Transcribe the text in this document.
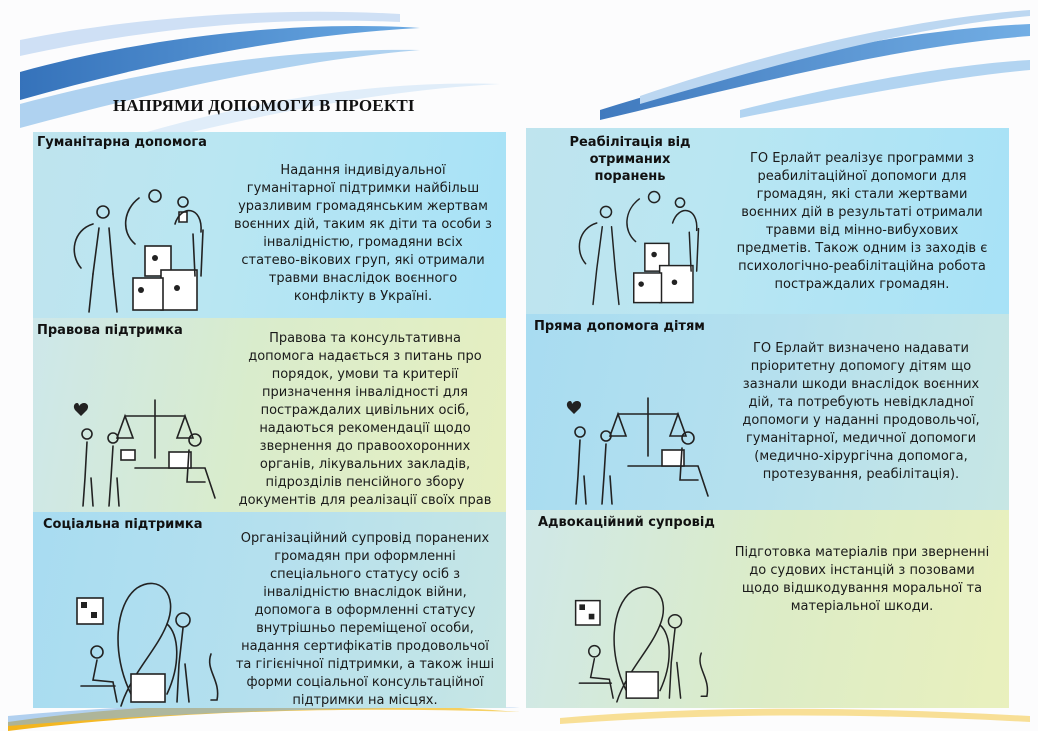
НАПРЯМИ ДОПОМОГИ В ПРОЕКТІ
Гуманітарна допомога
Надання індивідуальної
гуманітарної підтримки найбільш
уразливим громадянським жертвам
воєнних дій, таким як діти та особи з
інвалідністю, громадяни всіх
статево-вікових груп, які отримали
травми внаслідок воєнного
конфлікту в Україні.
Правова підтримка
Правова та консультативна
допомога надається з питань про
порядок, умови та критерії
призначення інвалідності для
постраждалих цивільних осіб,
надаються рекомендації щодо
звернення до правоохоронних
органів, лікувальних закладів,
підрозділів пенсійного збору
документів для реалізації своїх прав
Соціальна підтримка
Організаційний супровід поранених
громадян при оформленні
спеціального статусу осіб з
інвалідністю внаслідок війни,
допомога в оформленні статусу
внутрішньо переміщеної особи,
надання сертифікатів продовольчої
та гігієнічної підтримки, а також інші
форми соціальної консультаційної
підтримки на місцях.
Реабілітація від отриманих
поранень
ГО Ерлайт реалізує программи з
реабилітаційної допомоги для
громадян, які стали жертвами
воєнних дій в результаті отримали
травми від мінно-вибухових
предметів. Також одним із заходів є
психологічно-реабілітаційна робота
постраждалих громадян.
Пряма допомога дітям
ГО Ерлайт визначено надавати
пріоритетну допомогу дітям що
зазнали шкоди внаслідок воєнних
дій, та потребують невідкладної
допомоги у наданні продовольчої,
гуманітарної, медичної допомоги
(медично-хірургічна допомога,
протезування, реабілітація).
Адвокаційний супровід
Підготовка матеріалів при зверненні
до судових інстанцій з позовами
щодо відшкодування моральної та
матеріальної шкоди.
